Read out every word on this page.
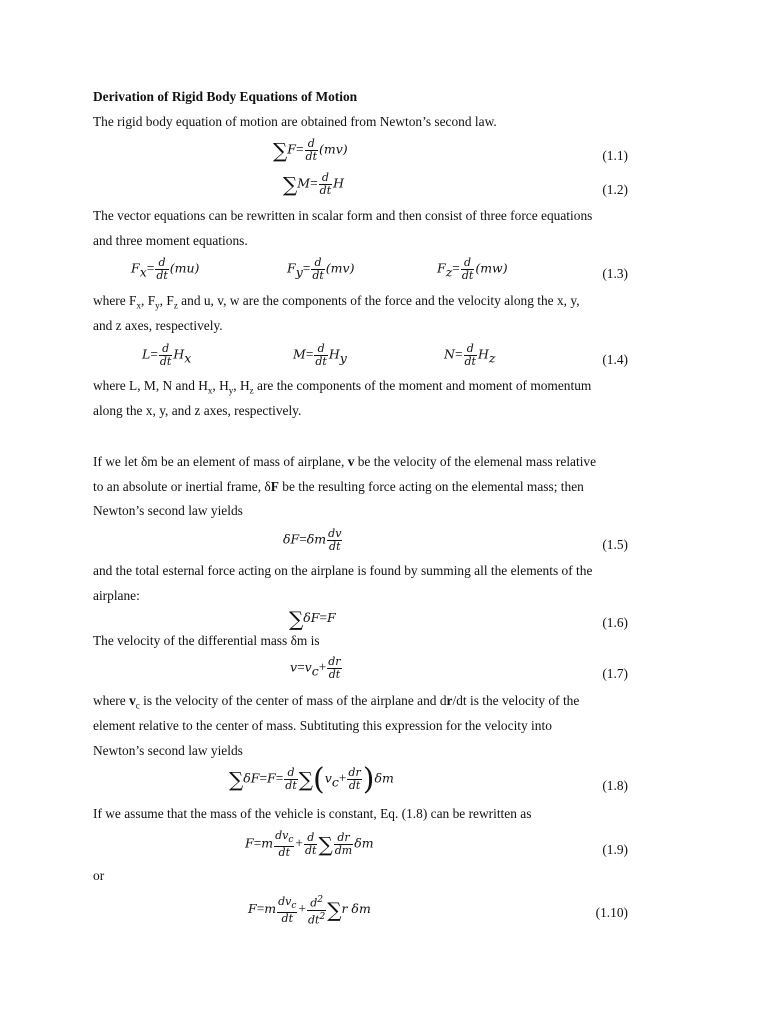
Derivation of Rigid Body Equations of Motion
The rigid body equation of motion are obtained from Newton’s second law.
$\sum F= \frac{d}{dt} (mv)$	(1.1)
$\sum M= \frac{d}{dt}$ H	(1.2)
The vector equations can be rewritten in scalar form and then consist of three force equations
and three moment equations.
$F_x= \frac{d}{dt} (mu)$	$F_y= \frac{d}{dt} (mv)$	$F_z= \frac{d}{dt} (mw)$	(1.3)
where $F_x$, $F_y$, $F_z$ and u, v, w are the components of the force and the velocity along the x, y,
and z axes, respectively.
$L= \frac{d}{dt} H_x$	$M= \frac{d}{dt} H_y$	$N= \frac{d}{dt} H_z$	(1.4)
where L, M, N and $H_x$, $H_y$, $H_z$ are the components of the moment and moment of momentum
along the x, y, and z axes, respectively.
If we let δm be an element of mass of airplane, v be the velocity of the elemenal mass relative
to an absolute or inertial frame, δF be the resulting force acting on the elemental mass; then
Newton’s second law yields
$\delta F=\delta m \frac{dv}{dt}$	(1.5)
and the total esternal force acting on the airplane is found by summing all the elements of the
airplane:
∑δF=F	(1.6)
The velocity of the differential mass δm is
$v=v_c+ \frac{dr}{dt}$	(1.7)
where $v_c$ is the velocity of the center of mass of the airplane and dr/dt is the velocity of the
element relative to the center of mass. Subtituting this expression for the velocity into
Newton’s second law yields
$\sum\delta F=F= \frac{d}{dt} \sum(v_c+ \frac{dr}{dt} )\delta m$	(1.8)
If we assume that the mass of the vehicle is constant, Eq. (1.8) can be rewritten as
$F=m \frac{dv_c}{dt} + \frac{d}{dt}$ ∑ $\frac{dr}{dm}$ δm	(1.9)
or
$F=m \frac{dv_c}{dt} + \frac{d^2}{dt^2} \sum r$ δm	(1.10)
